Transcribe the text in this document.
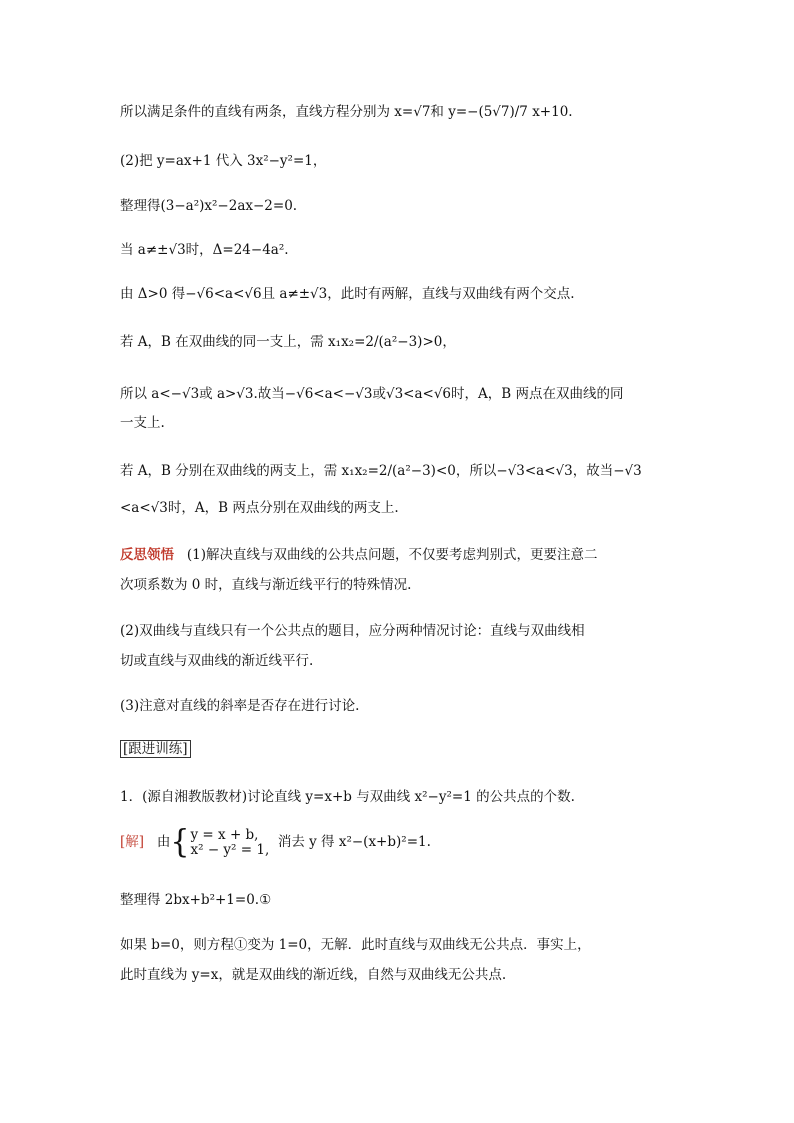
所以满足条件的直线有两条，直线方程分别为 x=√7和 y=−(5√7)/7 x+10.
(2)把 y=ax+1 代入 3x²−y²=1，
整理得(3−a²)x²−2ax−2=0.
当 a≠±√3时，Δ=24−4a².
由 Δ>0 得−√6<a<√6且 a≠±√3，此时有两解，直线与双曲线有两个交点.
若 A，B 在双曲线的同一支上，需 x₁x₂=2/(a²−3)>0，
所以 a<−√3或 a>√3.故当−√6<a<−√3或√3<a<√6时，A，B 两点在双曲线的同
一支上.
若 A，B 分别在双曲线的两支上，需 x₁x₂=2/(a²−3)<0，所以−√3<a<√3，故当−√3
<a<√3时，A，B 两点分别在双曲线的两支上.
反思领悟 (1)解决直线与双曲线的公共点问题，不仅要考虑判别式，更要注意二
次项系数为 0 时，直线与渐近线平行的特殊情况.
(2)双曲线与直线只有一个公共点的题目，应分两种情况讨论：直线与双曲线相
切或直线与双曲线的渐近线平行.
(3)注意对直线的斜率是否存在进行讨论.
[跟进训练]
1．(源自湘教版教材)讨论直线 y=x+b 与双曲线 x²−y²=1 的公共点的个数.
[解] 由{ y = x + b,
x² − y² = 1, 消去 y 得 x²−(x+b)²=1.
整理得 2bx+b²+1=0.①
如果 b=0，则方程①变为 1=0，无解．此时直线与双曲线无公共点．事实上，
此时直线为 y=x，就是双曲线的渐近线，自然与双曲线无公共点.
